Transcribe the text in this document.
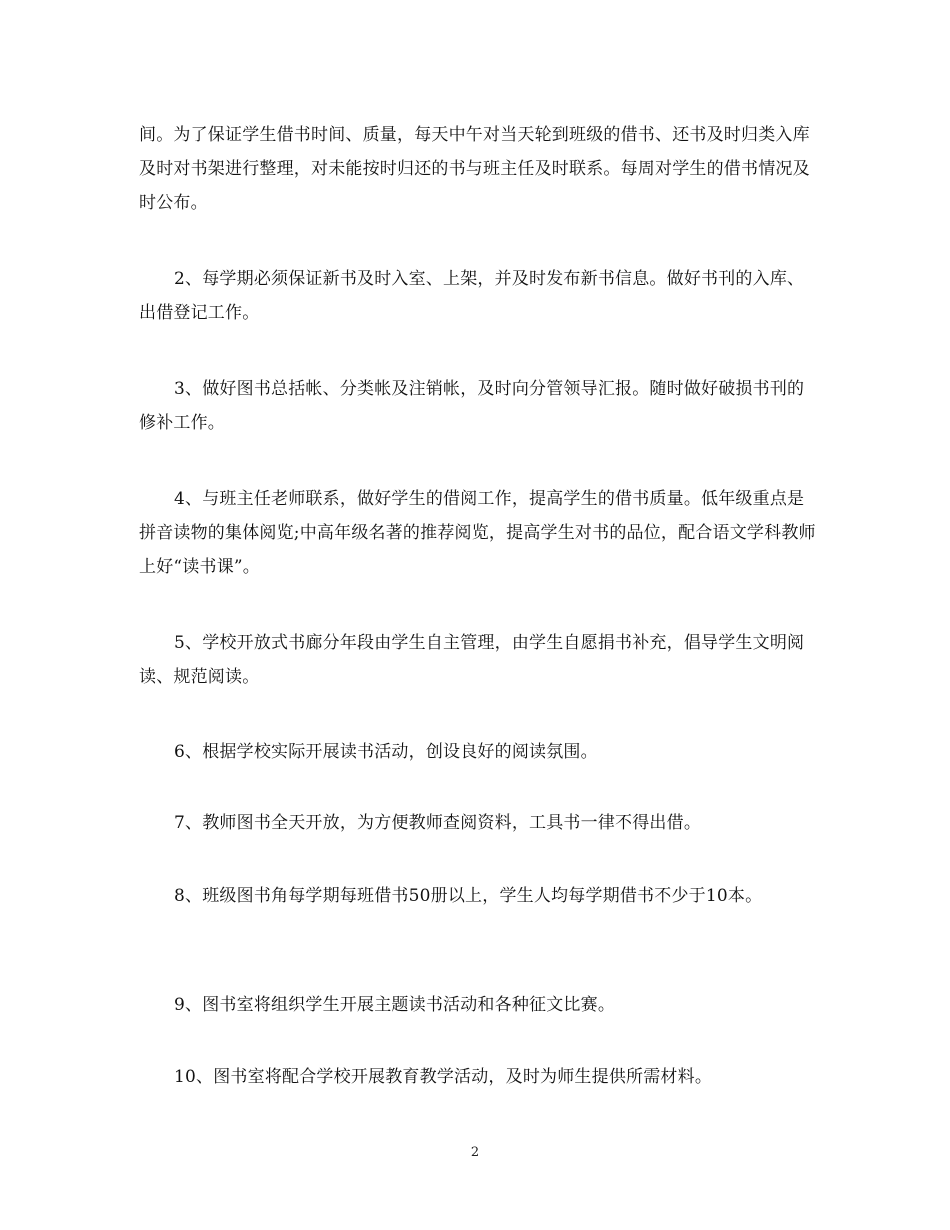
间。为了保证学生借书时间、质量，每天中午对当天轮到班级的借书、还书及时归类入库及时对书架进行整理，对未能按时归还的书与班主任及时联系。每周对学生的借书情况及时公布。

2、每学期必须保证新书及时入室、上架，并及时发布新书信息。做好书刊的入库、出借登记工作。

3、做好图书总括帐、分类帐及注销帐，及时向分管领导汇报。随时做好破损书刊的修补工作。

4、与班主任老师联系，做好学生的借阅工作，提高学生的借书质量。低年级重点是拼音读物的集体阅览;中高年级名著的推荐阅览，提高学生对书的品位，配合语文学科教师上好“读书课”。

5、学校开放式书廊分年段由学生自主管理，由学生自愿捐书补充，倡导学生文明阅读、规范阅读。

6、根据学校实际开展读书活动，创设良好的阅读氛围。

7、教师图书全天开放，为方便教师查阅资料，工具书一律不得出借。

8、班级图书角每学期每班借书50册以上，学生人均每学期借书不少于10本。

9、图书室将组织学生开展主题读书活动和各种征文比赛。

10、图书室将配合学校开展教育教学活动，及时为师生提供所需材料。

2
